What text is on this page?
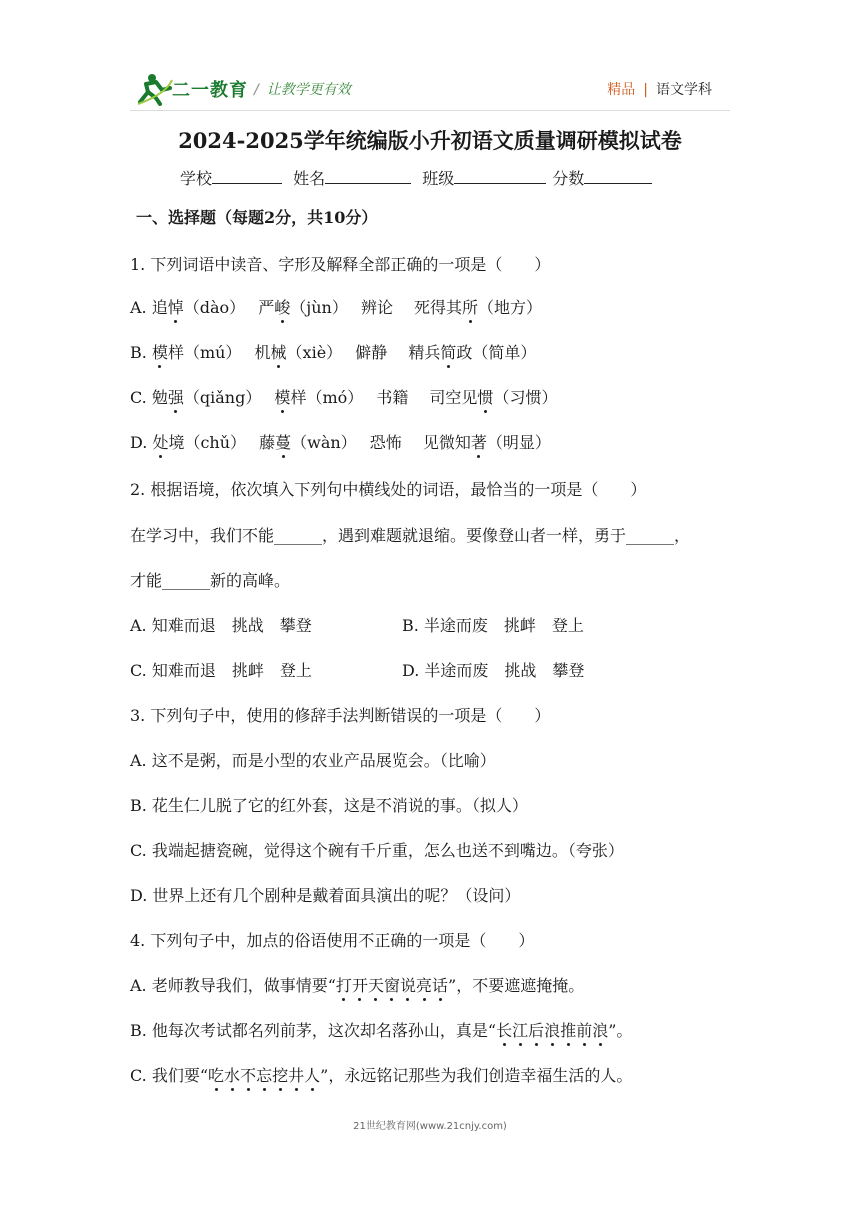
二一教育 / 让教学更有效	精品 | 语文学科
2024-2025学年统编版小升初语文质量调研模拟试卷
学校	姓名	班级	分数
一、选择题（每题2分，共10分）
1. 下列词语中读音、字形及解释全部正确的一项是（　　）
A. 追悼（dào）　 严峻（jùn）　 辨论　 死得其所（地方）
B. 模样（mú）　 机械（xiè）　 僻静　 精兵简政（简单）
C. 勉强（qiǎng）　 模样（mó）　 书籍　 司空见惯（习惯）
D. 处境（chǔ）　 藤蔓（wàn）　 恐怖　 见微知著（明显）
2. 根据语境，依次填入下列句中横线处的词语，最恰当的一项是（　　）
在学习中，我们不能______，遇到难题就退缩。要像登山者一样，勇于______，
才能______新的高峰。
A. 知难而退　挑战　攀登	B. 半途而废　挑衅　登上
C. 知难而退　挑衅　登上	D. 半途而废　挑战　攀登
3. 下列句子中，使用的修辞手法判断错误的一项是（　　）
A. 这不是粥，而是小型的农业产品展览会。（比喻）
B. 花生仁儿脱了它的红外套，这是不消说的事。（拟人）
C. 我端起搪瓷碗，觉得这个碗有千斤重，怎么也送不到嘴边。（夸张）
D. 世界上还有几个剧种是戴着面具演出的呢？（设问）
4. 下列句子中，加点的俗语使用不正确的一项是（　　）
A. 老师教导我们，做事情要“打开天窗说亮话”，不要遮遮掩掩。
B. 他每次考试都名列前茅，这次却名落孙山，真是“长江后浪推前浪”。
C. 我们要“吃水不忘挖井人”，永远铭记那些为我们创造幸福生活的人。
21世纪教育网(www.21cnjy.com)
